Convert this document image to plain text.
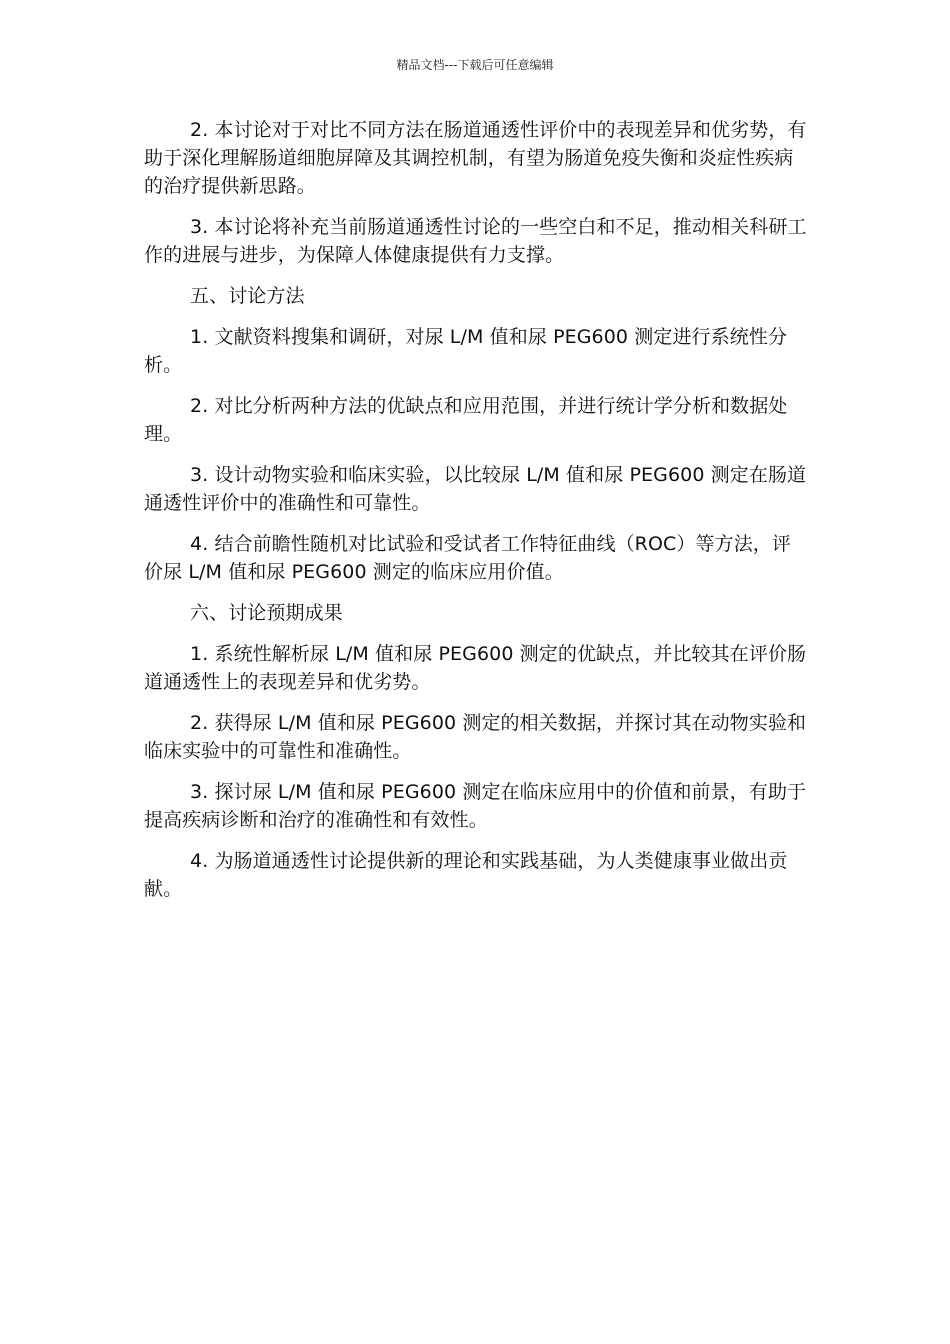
精品文档---下载后可任意编辑

2. 本讨论对于对比不同方法在肠道通透性评价中的表现差异和优劣势，有助于深化理解肠道细胞屏障及其调控机制，有望为肠道免疫失衡和炎症性疾病的治疗提供新思路。

3. 本讨论将补充当前肠道通透性讨论的一些空白和不足，推动相关科研工作的进展与进步，为保障人体健康提供有力支撑。

五、讨论方法

1. 文献资料搜集和调研，对尿 L/M 值和尿 PEG600 测定进行系统性分析。

2. 对比分析两种方法的优缺点和应用范围，并进行统计学分析和数据处理。

3. 设计动物实验和临床实验，以比较尿 L/M 值和尿 PEG600 测定在肠道通透性评价中的准确性和可靠性。

4. 结合前瞻性随机对比试验和受试者工作特征曲线（ROC）等方法，评价尿 L/M 值和尿 PEG600 测定的临床应用价值。

六、讨论预期成果

1. 系统性解析尿 L/M 值和尿 PEG600 测定的优缺点，并比较其在评价肠道通透性上的表现差异和优劣势。

2. 获得尿 L/M 值和尿 PEG600 测定的相关数据，并探讨其在动物实验和临床实验中的可靠性和准确性。

3. 探讨尿 L/M 值和尿 PEG600 测定在临床应用中的价值和前景，有助于提高疾病诊断和治疗的准确性和有效性。

4. 为肠道通透性讨论提供新的理论和实践基础，为人类健康事业做出贡献。
